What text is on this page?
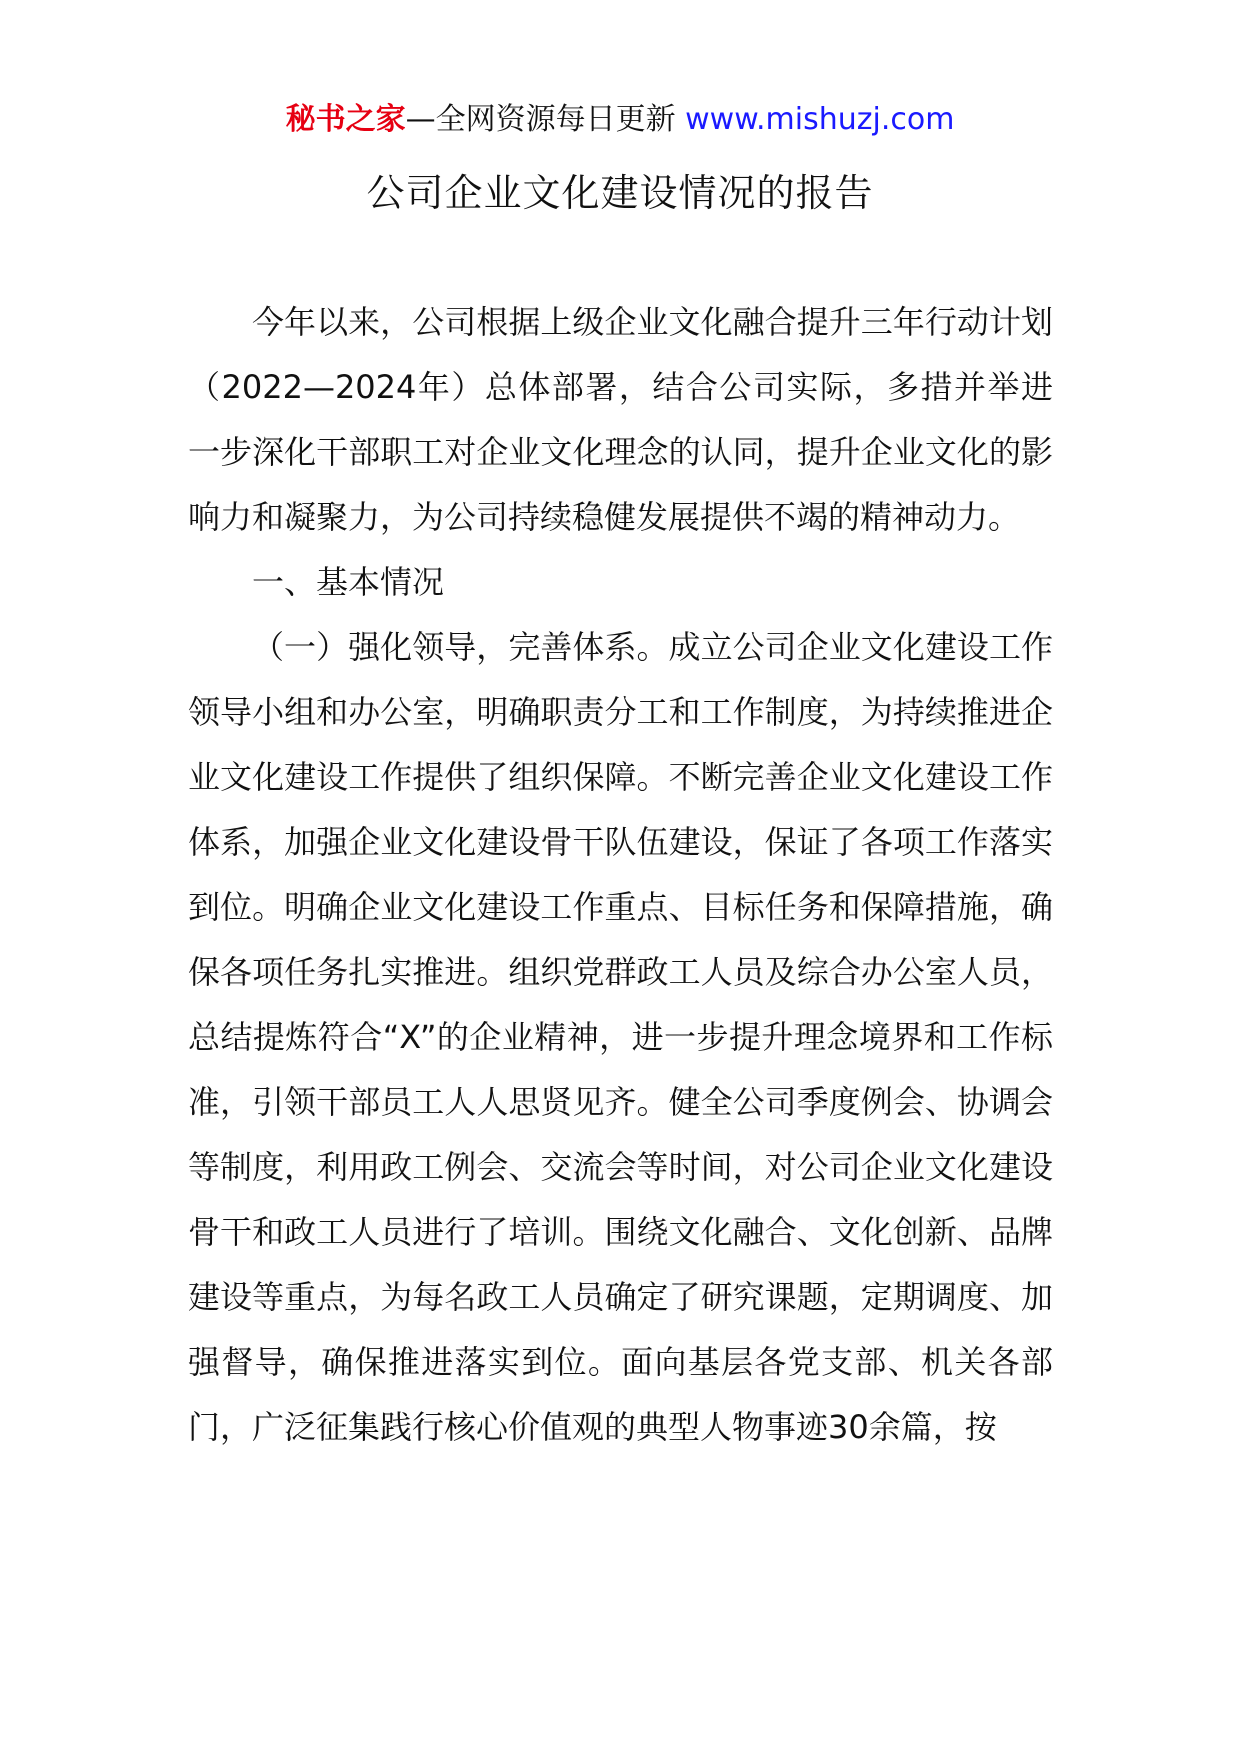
秘书之家—全网资源每日更新 www.mishuzj.com
公司企业文化建设情况的报告

今年以来，公司根据上级企业文化融合提升三年行动计划（2022—2024年）总体部署，结合公司实际，多措并举进一步深化干部职工对企业文化理念的认同，提升企业文化的影响力和凝聚力，为公司持续稳健发展提供不竭的精神动力。

一、基本情况

（一）强化领导，完善体系。成立公司企业文化建设工作领导小组和办公室，明确职责分工和工作制度，为持续推进企业文化建设工作提供了组织保障。不断完善企业文化建设工作体系，加强企业文化建设骨干队伍建设，保证了各项工作落实到位。明确企业文化建设工作重点、目标任务和保障措施，确保各项任务扎实推进。组织党群政工人员及综合办公室人员，总结提炼符合“X”的企业精神，进一步提升理念境界和工作标准，引领干部员工人人思贤见齐。健全公司季度例会、协调会等制度，利用政工例会、交流会等时间，对公司企业文化建设骨干和政工人员进行了培训。围绕文化融合、文化创新、品牌建设等重点，为每名政工人员确定了研究课题，定期调度、加强督导，确保推进落实到位。面向基层各党支部、机关各部门，广泛征集践行核心价值观的典型人物事迹30余篇，按
